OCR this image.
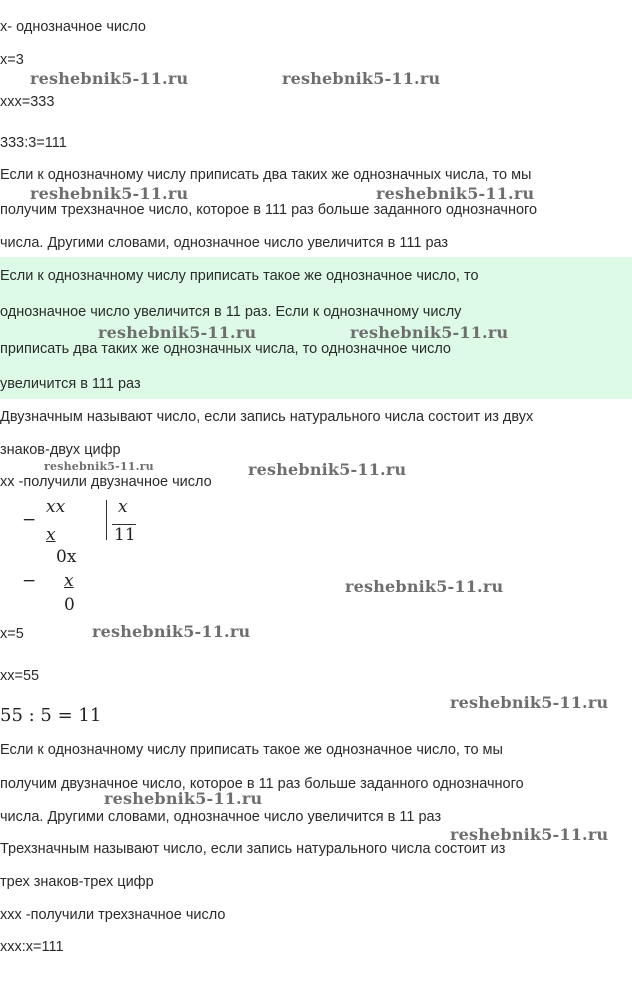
x- однозначное число
x=3
xxx=333
333:3=111
Если к однозначному числу приписать два таких же однозначных числа, то мы
получим трехзначное число, которое в 111 раз больше заданного однозначного
числа. Другими словами, однозначное число увеличится в 111 раз
Если к однозначному числу приписать такое же однозначное число, то
однозначное число увеличится в 11 раз. Если к однозначному числу
приписать два таких же однозначных числа, то однозначное число
увеличится в 111 раз
Двузначным называют число, если запись натурального числа состоит из двух
знаков-двух цифр
xx -получили двузначное число
−
xx
x
x
11
0x
− x
0
x=5
xx=55
55 : 5 = 11
Если к однозначному числу приписать такое же однозначное число, то мы
получим двузначное число, которое в 11 раз больше заданного однозначного
числа. Другими словами, однозначное число увеличится в 11 раз
Трехзначным называют число, если запись натурального числа состоит из
трех знаков-трех цифр
xxx -получили трехзначное число
xxx:x=111
reshebnik5-11.ru	reshebnik5-11.ru
reshebnik5-11.ru	reshebnik5-11.ru
reshebnik5-11.ru	reshebnik5-11.ru
reshebnik5-11.ru	reshebnik5-11.ru
reshebnik5-11.ru
reshebnik5-11.ru
reshebnik5-11.ru
reshebnik5-11.ru
reshebnik5-11.ru
